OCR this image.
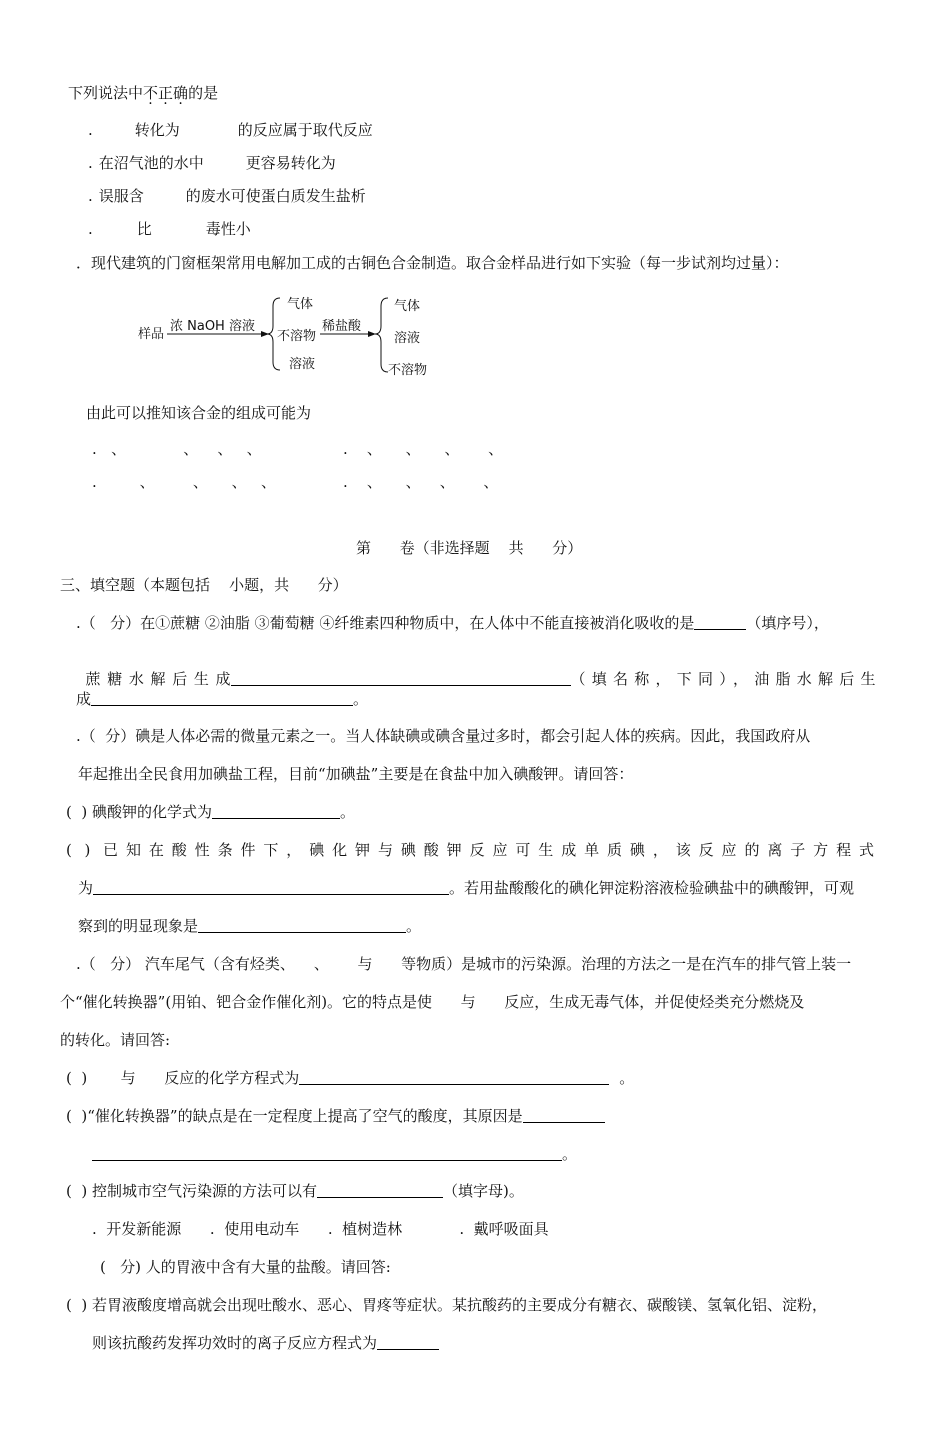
下列说法中不正确的是
.	转化为	的反应属于取代反应
. 在沼气池的水中	更容易转化为
. 误服含	的废水可使蛋白质发生盐析
.	比	毒性小
．现代建筑的门窗框架常用电解加工成的古铜色合金制造。取合金样品进行如下实验（每一步试剂均过量）：
样品
浓 NaOH 溶液
气体
不溶物
溶液
稀盐酸
气体
溶液
不溶物
由此可以推知该合金的组成可能为
.   、            、    、   、	.    、     、     、      、
.         、        、     、   、	.    、     、    、      、
第      卷（非选择题    共      分）
三、填空题（本题包括    小题，共      分）
.（   分）在①蔗糖 ②油脂 ③葡萄糖 ④纤维素四种物质中，在人体中不能直接被消化吸收的是	（填序号），

蔗糖水解后生成	（填名称，下同），油脂水解后生

成	。
.（  分）碘是人体必需的微量元素之一。当人体缺碘或碘含量过多时，都会引起人体的疾病。因此，我国政府从
年起推出全民食用加碘盐工程，目前“加碘盐”主要是在食盐中加入碘酸钾。请回答：
(  ) 碘酸钾的化学式为	。
( ) 已知在酸性条件下，碘化钾与碘酸钾反应可生成单质碘，该反应的离子方程式
为	。若用盐酸酸化的碘化钾淀粉溶液检验碘盐中的碘酸钾，可观
察到的明显现象是	。
.（   分） 汽车尾气（含有烃类、    、      与      等物质）是城市的污染源。治理的方法之一是在汽车的排气管上装一
个“催化转换器”(用铂、钯合金作催化剂)。它的特点是使      与      反应，生成无毒气体，并促使烃类充分燃烧及
的转化。请回答:
(  )       与      反应的化学方程式为	。
(  )“催化转换器”的缺点是在一定程度上提高了空气的酸度，其原因是
。
(  ) 控制城市空气污染源的方法可以有	（填字母)。
.  开发新能源      .  使用电动车      .  植树造林            .  戴呼吸面具
(   分) 人的胃液中含有大量的盐酸。请回答:
(  ) 若胃液酸度增高就会出现吐酸水、恶心、胃疼等症状。某抗酸药的主要成分有糖衣、碳酸镁、氢氧化铝、淀粉，
则该抗酸药发挥功效时的离子反应方程式为
